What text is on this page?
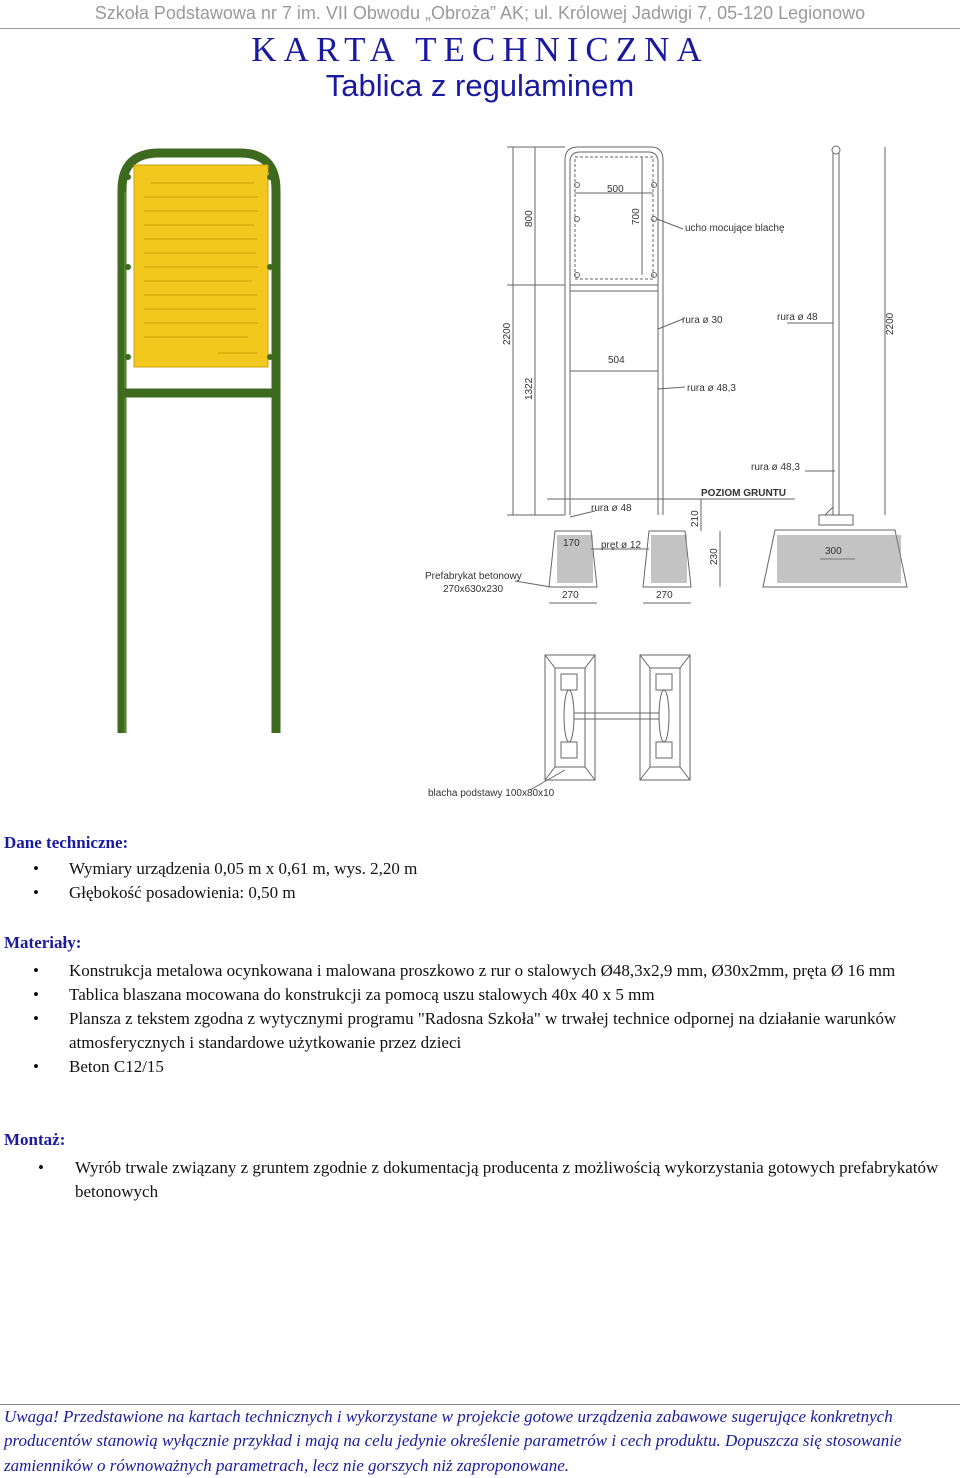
Szkoła Podstawowa nr 7 im. VII Obwodu „Obroża” AK; ul. Królowej Jadwigi 7, 05-120 Legionowo
KARTA TECHNICZNA
Tablica z regulaminem
500
700
800
2200
1322
504
210
230
170
270	270
300
2200
ucho mocujące blachę
rura ø 30	rura ø 48
rura ø 48,3
rura ø 48,3
POZIOM GRUNTU
rura ø 48
pręt ø 12
Prefabrykat betonowy
270x630x230
blacha podstawy 100x80x10
Dane techniczne:
• Wymiary urządzenia 0,05 m x 0,61 m, wys. 2,20 m
• Głębokość posadowienia: 0,50 m
Materiały:
• Konstrukcja metalowa ocynkowana i malowana proszkowo z rur o stalowych Ø48,3x2,9 mm, Ø30x2mm, pręta Ø 16 mm
• Tablica blaszana mocowana do konstrukcji za pomocą uszu stalowych 40x 40 x 5 mm
• Plansza z tekstem zgodna z wytycznymi programu "Radosna Szkoła" w trwałej technice odpornej na działanie warunków atmosferycznych i standardowe użytkowanie przez dzieci
• Beton C12/15
Montaż:
• Wyrób trwale związany z gruntem zgodnie z dokumentacją producenta z możliwością wykorzystania gotowych prefabrykatów betonowych
Uwaga! Przedstawione na kartach technicznych i wykorzystane w projekcie gotowe urządzenia zabawowe sugerujące konkretnych producentów stanowią wyłącznie przykład i mają na celu jedynie określenie parametrów i cech produktu. Dopuszcza się stosowanie zamienników o równoważnych parametrach, lecz nie gorszych niż zaproponowane.
